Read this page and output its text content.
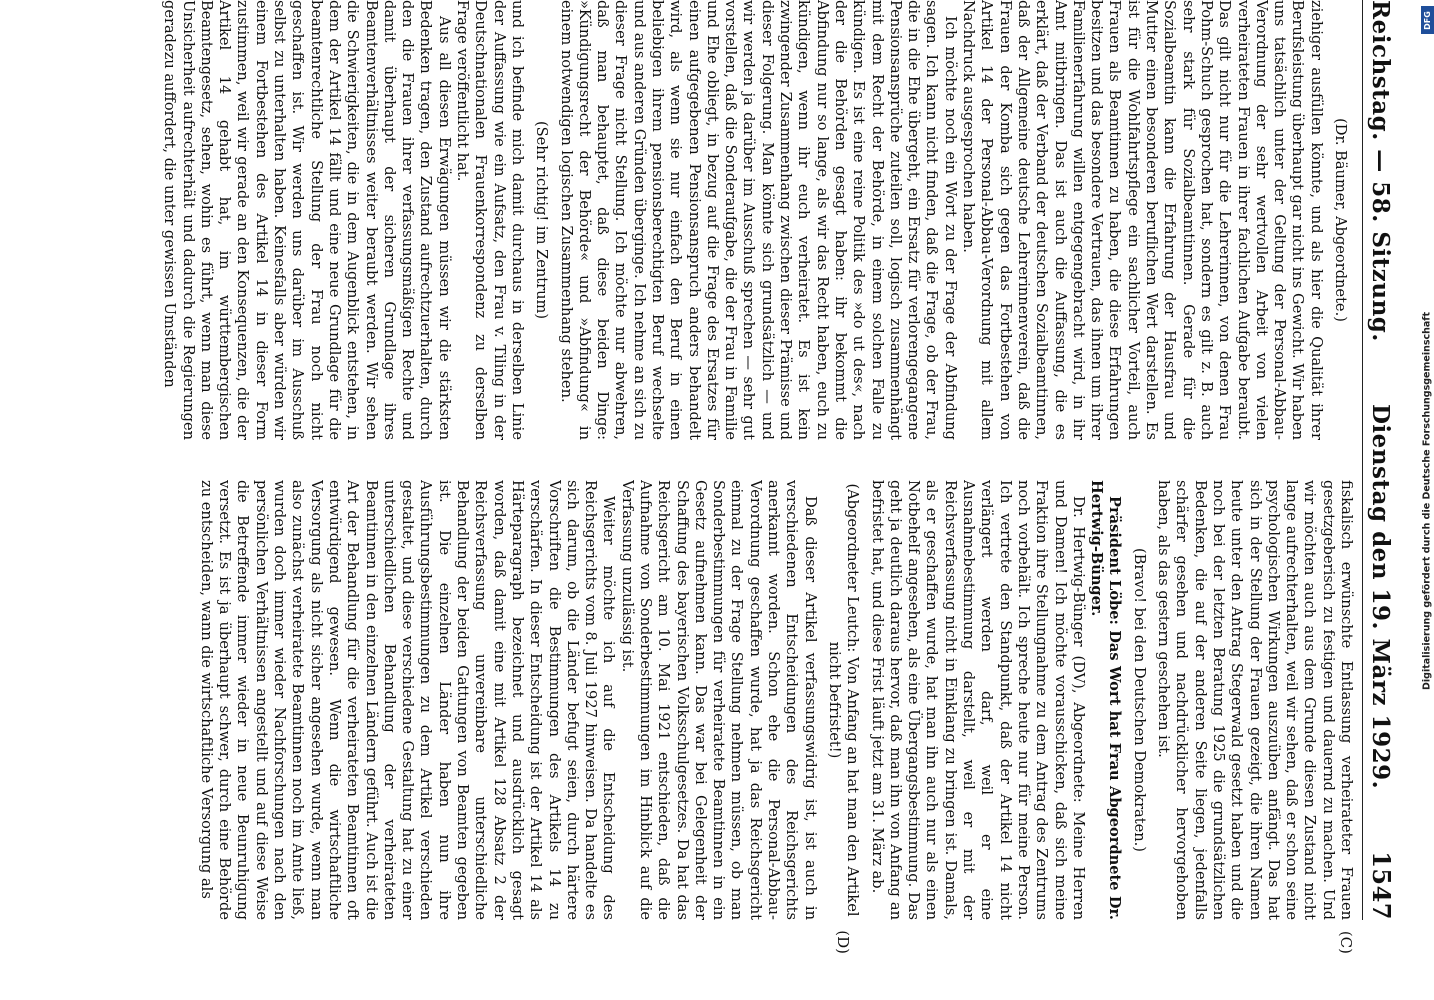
Reichstag. — 58. Sitzung.
Dienstag den 19. März 1929.
1547
(C)
(D)

(Dr. Bäumer, Abgeordnete.)

ziehiger ausfüllen könnte, und als hier die Qualität ihrer Berufsleistung überhaupt gar nicht ins Gewicht. Wir haben uns tatsächlich unter der Geltung der Personal-Abbau-Verordnung der sehr wertvollen Arbeit von vielen verheirateten Frauen in ihrer fachlichen Aufgabe beraubt. Das gilt nicht nur für die Lehrerinnen, von denen Frau Pohm-Schuch gesprochen hat, sondern es gilt z. B. auch sehr stark für Sozialbeamtinnen. Gerade für die Sozialbeamtin kann die Erfahrung der Hausfrau und Mutter einen besonderen beruflichen Wert darstellen. Es ist für die Wohlfahrtspflege ein sachlicher Vorteil, auch Frauen als Beamtinnen zu haben, die diese Erfahrungen besitzen und das besondere Vertrauen, das ihnen um ihrer Familienerfahrung willen entgegengebracht wird, in ihr Amt mitbringen. Das ist auch die Auffassung, die es erklärt, daß der Verband der deutschen Sozialbeamtinnen, daß der Allgemeine deutsche Lehrerinnenverein, daß die Frauen der Komba sich gegen das Fortbestehen von Artikel 14 der Personal-Abbau-Verordnung mit allem Nachdruck ausgesprochen haben.

Ich möchte noch ein Wort zu der Frage der Abfindung sagen. Ich kann nicht finden, daß die Frage, ob der Frau, die in die Ehe übergeht, ein Ersatz für verlorengegangene Pensionsansprüche zuteilen soll, logisch zusammenhängt mit dem Recht der Behörde, in einem solchen Falle zu kündigen. Es ist eine reine Politik des »do ut des«, nach der die Behörden gesagt haben: ihr bekommt die Abfindung nur so lange, als wir das Recht haben, euch zu kündigen, wenn ihr euch verheiratet. Es ist kein zwingender Zusammenhang zwischen dieser Prämisse und dieser Folgerung. Man könnte sich grundsätzlich — und wir werden ja darüber im Ausschuß sprechen — sehr gut vorstellen, daß die Sonderaufgabe, die der Frau in Familie und Ehe obliegt, in bezug auf die Frage des Ersatzes für einen aufgegebenen Pensionsanspruch anders behandelt wird, als wenn sie nur einfach den Beruf in einen beliebigen ihrem pensionsberechtigten Beruf wechselte und aus anderen Gründen überginge. Ich nehme an sich zu dieser Frage nicht Stellung. Ich möchte nur abwehren, daß man behauptet, daß diese beiden Dinge: »Kündigungsrecht der Behörde« und »Abfindung« in einem notwendigen logischen Zusammenhang stehen.

(Sehr richtig! im Zentrum)

und ich befinde mich damit durchaus in derselben Linie der Auffassung wie ein Aufsatz, den Frau v. Tiling in der Deutschnationalen Frauenkorrespondenz zu derselben Frage veröffentlicht hat.

Aus all diesen Erwägungen müssen wir die stärksten Bedenken tragen, den Zustand aufrechtzuerhalten, durch den die Frauen ihrer verfassungsmäßigen Rechte und damit überhaupt der sicheren Grundlage ihres Beamtenverhältnisses weiter beraubt werden. Wir sehen die Schwierigkeiten, die in dem Augenblick entstehen, in dem der Artikel 14 fällt und eine neue Grundlage für die beamtenrechtliche Stellung der Frau noch nicht geschaffen ist. Wir werden uns darüber im Ausschuß selbst zu unterhalten haben. Keinesfalls aber würden wir einem Fortbestehen des Artikel 14 in dieser Form zustimmen, weil wir gerade an den Konsequenzen, die der Artikel 14 gehabt hat, im württembergischen Beamtengesetz, sehen, wohin es führt, wenn man diese Unsicherheit aufrechterhält und dadurch die Regierungen geradezu auffordert, die unter gewissen Umständen

fiskalisch erwünschte Entlassung verheirateter Frauen gesetzgeberisch zu festigen und dauernd zu machen. Und wir möchten auch aus dem Grunde diesen Zustand nicht lange aufrechterhalten, weil wir sehen, daß er schon seine psychologischen Wirkungen auszuüben anfängt. Das hat sich in der Stellung der Frauen gezeigt, die ihren Namen heute unter den Antrag Stegerwald gesetzt haben und die noch bei der letzten Beratung 1925 die grundsätzlichen Bedenken, die auf der anderen Seite liegen, jedenfalls schärfer gesehen und nachdrücklicher hervorgehoben haben, als das gestern geschehen ist.

(Bravo! bei den Deutschen Demokraten.)

Präsident Löbe: Das Wort hat Frau Abgeordnete Dr. Hertwig-Bünger.

Dr. Hertwig-Bünger (DV), Abgeordnete: Meine Herren und Damen! Ich möchte vorausschicken, daß sich meine Fraktion ihre Stellungnahme zu dem Antrag des Zentrums noch vorbehält. Ich spreche heute nur für meine Person. Ich vertrete den Standpunkt, daß der Artikel 14 nicht verlängert werden darf, weil er eine Ausnahmebestimmung darstellt, weil er mit der Reichsverfassung nicht in Einklang zu bringen ist. Damals, als er geschaffen wurde, hat man ihn auch nur als einen Notbehelf angesehen, als eine Übergangsbestimmung. Das geht ja deutlich daraus hervor, daß man ihn von Anfang an befristet hat, und diese Frist läuft jetzt am 31. März ab.

(Abgeordneter Leutch: Von Anfang an hat man den Artikel nicht befristet!)

Daß dieser Artikel verfassungswidrig ist, ist auch in verschiedenen Entscheidungen des Reichsgerichts anerkannt worden. Schon ehe die Personal-Abbau-Verordnung geschaffen wurde, hat ja das Reichsgericht einmal zu der Frage Stellung nehmen müssen, ob man Sonderbestimmungen für verheiratete Beamtinnen in ein Gesetz aufnehmen kann. Das war bei Gelegenheit der Schaffung des bayerischen Volksschulgesetzes. Da hat das Reichsgericht am 10. Mai 1921 entschieden, daß die Aufnahme von Sonderbestimmungen im Hinblick auf die Verfassung unzulässig ist.

Weiter möchte ich auf die Entscheidung des Reichsgerichts vom 8. Juli 1927 hinweisen. Da handelte es sich darum, ob die Länder befugt seien, durch härtere Vorschriften die Bestimmungen des Artikels 14 zu verschärfen. In dieser Entscheidung ist der Artikel 14 als Härteparagraph bezeichnet und ausdrücklich gesagt worden, daß damit eine mit Artikel 128 Absatz 2 der Reichsverfassung unvereinbare unterschiedliche Behandlung der beiden Gattungen von Beamten gegeben ist. Die einzelnen Länder haben nun ihre Ausführungsbestimmungen zu dem Artikel verschieden gestaltet, und diese verschiedene Gestaltung hat zu einer unterschiedlichen Behandlung der verheirateten Beamtinnen in den einzelnen Ländern geführt. Auch ist die Art der Behandlung für die verheirateten Beamtinnen oft entwürdigend gewesen. Wenn die wirtschaftliche Versorgung als nicht sicher angesehen wurde, wenn man also zunächst verheiratete Beamtinnen noch im Amte ließ, wurden doch immer wieder Nachforschungen nach den persönlichen Verhältnissen angestellt und auf diese Weise die Betreffende immer wieder in neue Beunruhigung versetzt. Es ist ja überhaupt schwer, durch eine Behörde zu entscheiden, wann die wirtschaftliche Versorgung als

DFG
Digitalisierung gefördert durch die Deutsche Forschungsgemeinschaft
